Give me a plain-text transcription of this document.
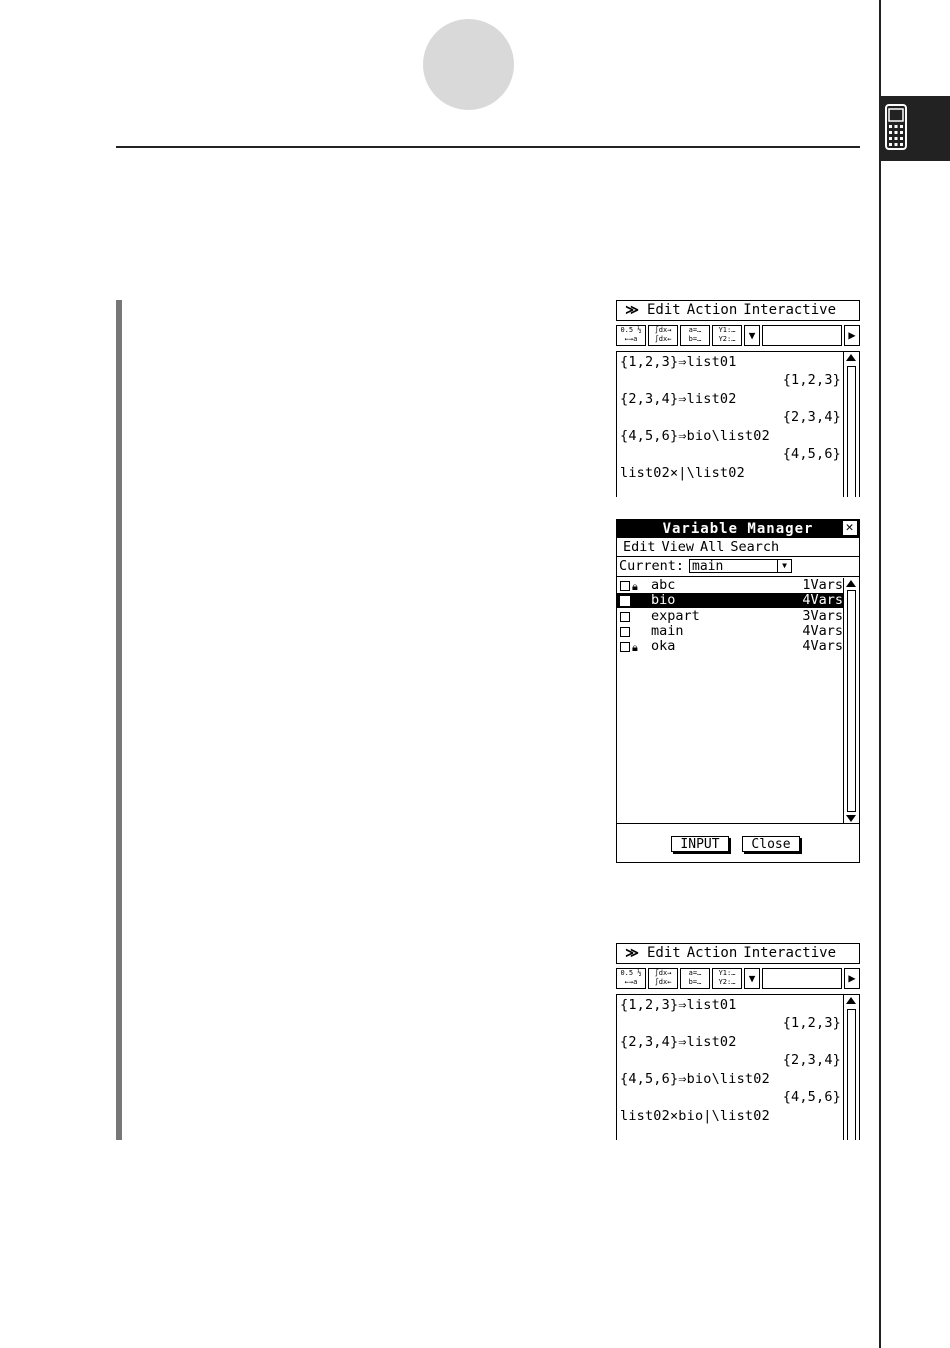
≫ Edit Action Interactive
0.5 ½
←→a
∫dx→
∫dx←
a=…
b=…
Y1:…
Y2:…	▼	▶
{1,2,3}⇒list01
{1,2,3}
{2,3,4}⇒list02
{2,3,4}
{4,5,6}⇒bio\list02
{4,5,6}
list02×|\list02
Variable Manager ✕
Edit View All Search
Current: main	▼
🔒︎ abc	1Vars
bio	4Vars
expart	3Vars
main	4Vars
🔒︎ oka	4Vars
INPUT	Close
≫ Edit Action Interactive
0.5 ½
←→a
∫dx→
∫dx←
a=…
b=…
Y1:…
Y2:…	▼	▶
{1,2,3}⇒list01
{1,2,3}
{2,3,4}⇒list02
{2,3,4}
{4,5,6}⇒bio\list02
{4,5,6}
list02×bio|\list02
